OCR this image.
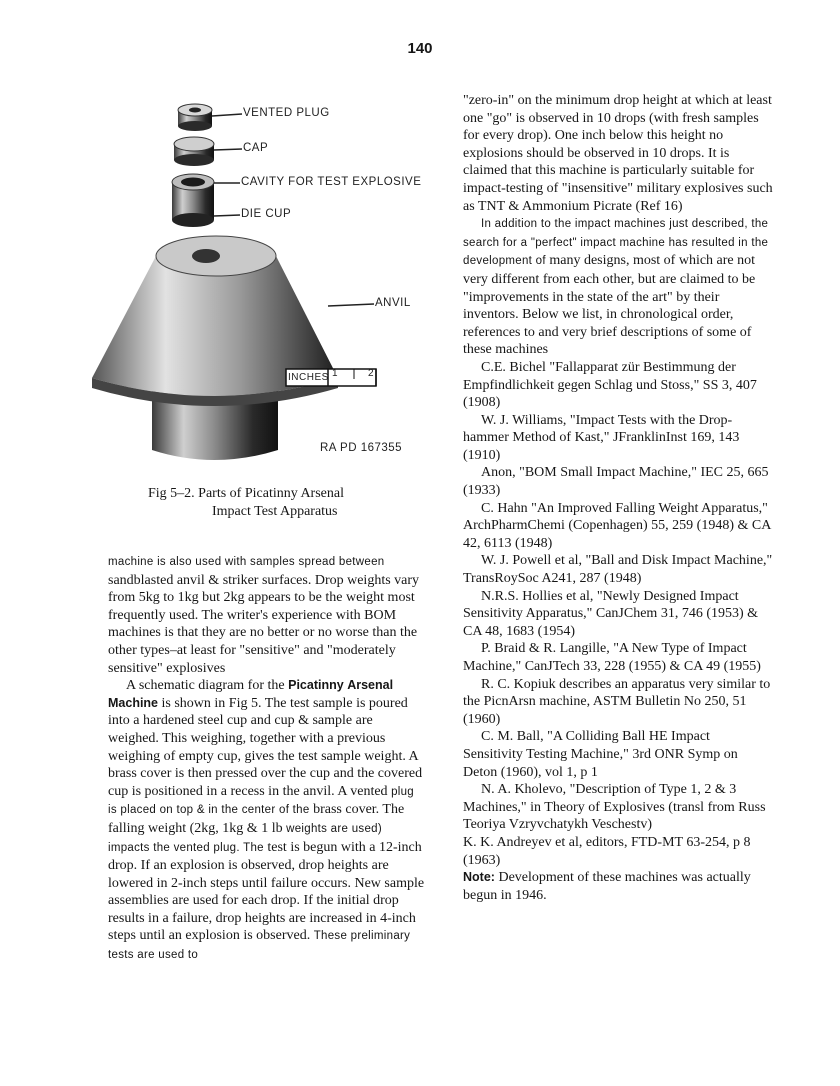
140
VENTED PLUG
CAP
CAVITY FOR TEST EXPLOSIVE
DIE CUP
ANVIL
INCHES 1	2
RA PD 167355
Fig 5–2. Parts of Picatinny Arsenal
Impact Test Apparatus

machine is also used with samples spread between sandblasted anvil & striker surfaces. Drop weights vary from 5kg to 1kg but 2kg appears to be the weight most frequently used. The writer's experience with BOM machines is that they are no better or no worse than the other types–at least for "sensitive" and "moderately sensitive" explosives

A schematic diagram for the Picatinny Arsenal Machine is shown in Fig 5. The test sample is poured into a hardened steel cup and cup & sample are weighed. This weighing, together with a previous weighing of empty cup, gives the test sample weight. A brass cover is then pressed over the cup and the covered cup is positioned in a recess in the anvil. A vented plug is placed on top & in the center of the brass cover. The falling weight (2kg, 1kg & 1 lb weights are used) impacts the vented plug. The test is begun with a 12-inch drop. If an explosion is observed, drop heights are lowered in 2-inch steps until failure occurs. New sample assemblies are used for each drop. If the initial drop results in a failure, drop heights are increased in 4-inch steps until an explosion is observed. These preliminary tests are used to

"zero-in" on the minimum drop height at which at least one "go" is observed in 10 drops (with fresh samples for every drop). One inch below this height no explosions should be observed in 10 drops. It is claimed that this machine is particularly suitable for impact-testing of "insensitive" military explosives such as TNT & Ammonium Picrate (Ref 16)

In addition to the impact machines just described, the search for a "perfect" impact machine has resulted in the development of many designs, most of which are not very different from each other, but are claimed to be "improvements in the state of the art" by their inventors. Below we list, in chronological order, references to and very brief descriptions of some of these machines

C.E. Bichel "Fallapparat zür Bestimmung der Empfindlichkeit gegen Schlag und Stoss," SS 3, 407 (1908)

W. J. Williams, "Impact Tests with the Drop-hammer Method of Kast," JFranklinInst 169, 143 (1910)

Anon, "BOM Small Impact Machine," IEC 25, 665 (1933)

C. Hahn "An Improved Falling Weight Apparatus," ArchPharmChemi (Copenhagen) 55, 259 (1948) & CA 42, 6113 (1948)

W. J. Powell et al, "Ball and Disk Impact Machine," TransRoySoc A241, 287 (1948)

N.R.S. Hollies et al, "Newly Designed Impact Sensitivity Apparatus," CanJChem 31, 746 (1953) & CA 48, 1683 (1954)

P. Braid & R. Langille, "A New Type of Impact Machine," CanJTech 33, 228 (1955) & CA 49 (1955)

R. C. Kopiuk describes an apparatus very similar to the PicnArsn machine, ASTM Bulletin No 250, 51 (1960)

C. M. Ball, "A Colliding Ball HE Impact Sensitivity Testing Machine," 3rd ONR Symp on Deton (1960), vol 1, p 1

N. A. Kholevo, "Description of Type 1, 2 & 3 Machines," in Theory of Explosives (transl from Russ Teoriya Vzryvchatykh Veschestv)

K. K. Andreyev et al, editors, FTD-MT 63-254, p 8 (1963)

Note: Development of these machines was actually begun in 1946.
